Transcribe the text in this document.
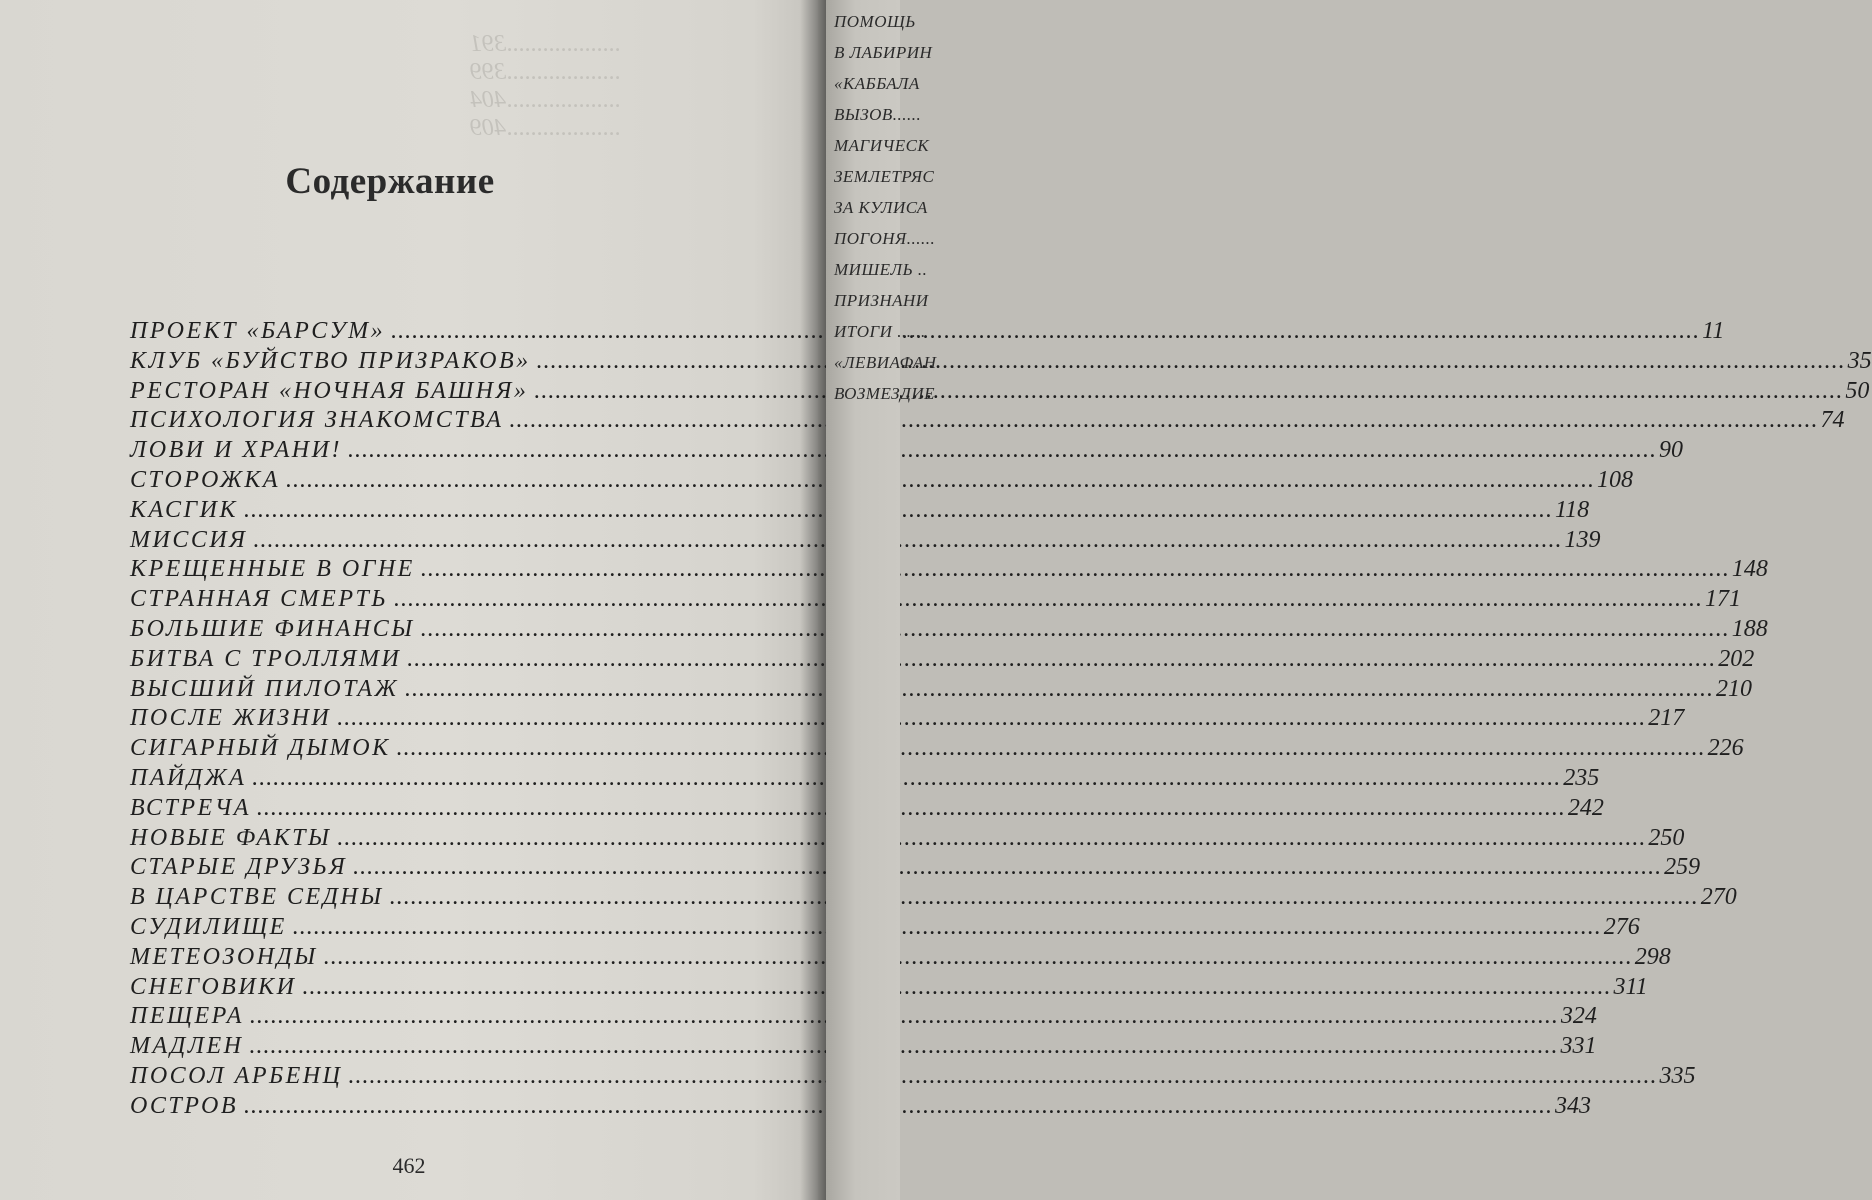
...................391
...................399
...................404
...................409
Содержание
ПРОЕКТ «БАРСУМ» .....	11
КЛУБ «БУЙСТВО ПРИЗРАКОВ» .....	35
РЕСТОРАН «НОЧНАЯ БАШНЯ» .....	50
ПСИХОЛОГИЯ ЗНАКОМСТВА .....	74
ЛОВИ И ХРАНИ! .....	90
СТОРОЖКА .....	108
КАСГИК .....	118
МИССИЯ .....	139
КРЕЩЕННЫЕ В ОГНЕ .....	148
СТРАННАЯ СМЕРТЬ .....	171
БОЛЬШИЕ ФИНАНСЫ .....	188
БИТВА С ТРОЛЛЯМИ .....	202
ВЫСШИЙ ПИЛОТАЖ .....	210
ПОСЛЕ ЖИЗНИ .....	217
СИГАРНЫЙ ДЫМОК .....	226
ПАЙДЖА .....	235
ВСТРЕЧА .....	242
НОВЫЕ ФАКТЫ .....	250
СТАРЫЕ ДРУЗЬЯ .....	259
В ЦАРСТВЕ СЕДНЫ .....	270
СУДИЛИЩЕ .....	276
МЕТЕОЗОНДЫ .....	298
СНЕГОВИКИ .....	311
ПЕЩЕРА .....	324
МАДЛЕН .....	331
ПОСОЛ АРБЕНЦ .....	335
ОСТРОВ .....	343
462
ПОМОЩЬ
В ЛАБИРИН
«КАББАЛА
ВЫЗОВ......
МАГИЧЕСК
ЗЕМЛЕТРЯС
ЗА КУЛИСА
ПОГОНЯ......
МИШЕЛЬ ..
ПРИЗНАНИ
ИТОГИ ......
«ЛЕВИАФАН
ВОЗМЕЗДИЕ
